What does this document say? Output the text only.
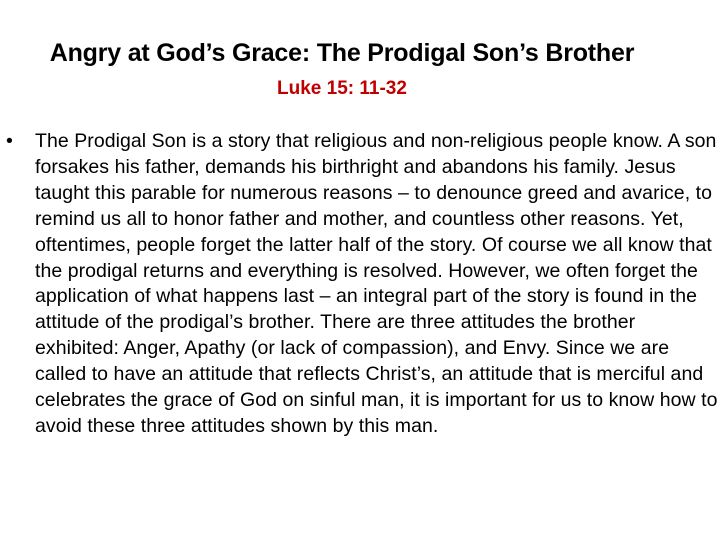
Angry at God’s Grace: The Prodigal Son’s Brother
Luke 15: 11-32
• The Prodigal Son is a story that religious and non-religious people know. A son forsakes his father, demands his birthright and abandons his family. Jesus taught this parable for numerous reasons – to denounce greed and avarice, to remind us all to honor father and mother, and countless other reasons. Yet, oftentimes, people forget the latter half of the story. Of course we all know that the prodigal returns and everything is resolved. However, we often forget the application of what happens last – an integral part of the story is found in the attitude of the prodigal’s brother. There are three attitudes the brother exhibited: Anger, Apathy (or lack of compassion), and Envy. Since we are called to have an attitude that reflects Christ’s, an attitude that is merciful and celebrates the grace of God on sinful man, it is important for us to know how to avoid these three attitudes shown by this man.
